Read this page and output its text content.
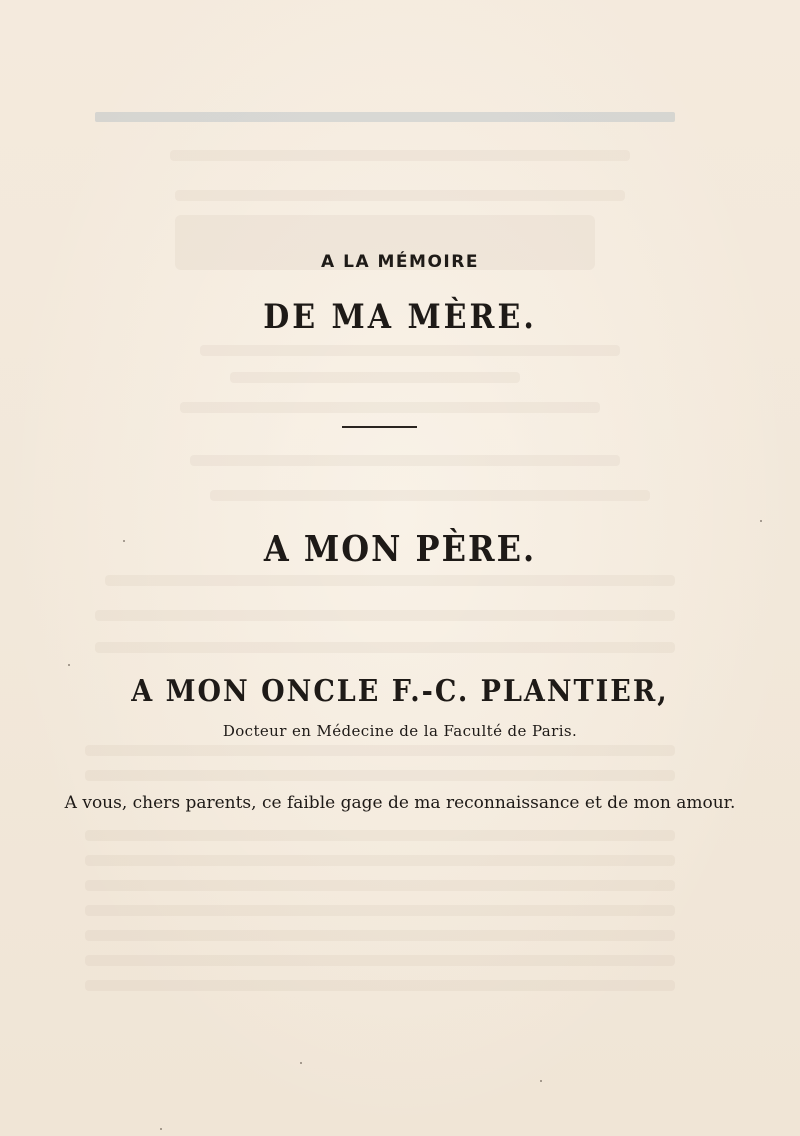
A LA MÉMOIRE
DE MA MÈRE.
A MON PÈRE.
A MON ONCLE F.-C. PLANTIER,
Docteur en Médecine de la Faculté de Paris.
A vous, chers parents, ce faible gage de ma reconnaissance et de mon amour.
